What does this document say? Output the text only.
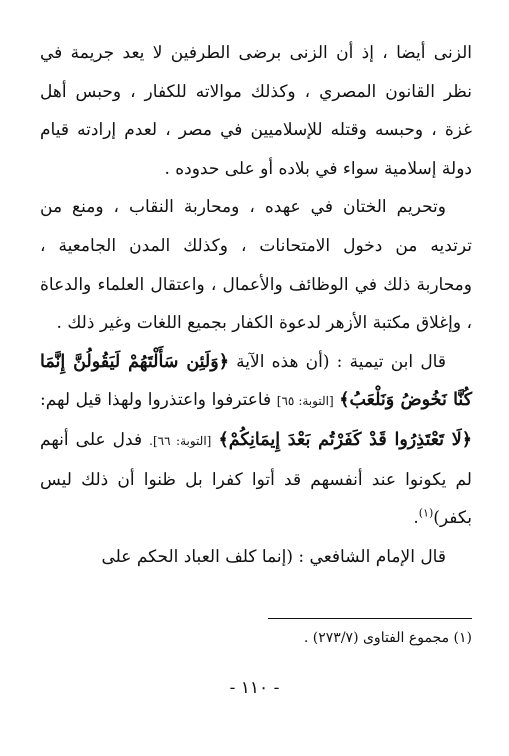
الزنى أيضا ، إذ أن الزنى برضى الطرفين لا يعد جريمة في نظر القانون المصري ، وكذلك موالاته للكفار ، وحبس أهل غزة ، وحبسه وقتله للإسلاميين في مصر ، لعدم إرادته قيام دولة إسلامية سواء في بلاده أو على حدوده .

وتحريم الختان في عهده ، ومحاربة النقاب ، ومنع من ترتديه من دخول الامتحانات ، وكذلك المدن الجامعية ، ومحاربة ذلك في الوظائف والأعمال ، واعتقال العلماء والدعاة ، وإغلاق مكتبة الأزهر لدعوة الكفار بجميع اللغات وغير ذلك .

قال ابن تيمية : (أن هذه الآية ﴿وَلَئِن سَأَلْتَهُمْ لَيَقُولُنَّ إِنَّمَا كُنَّا نَخُوضُ وَنَلْعَبُ﴾ [التوبة: ٦٥] فاعترفوا واعتذروا ولهذا قيل لهم: ﴿لَا تَعْتَذِرُوا قَدْ كَفَرْتُم بَعْدَ إِيمَانِكُمْ﴾ [التوبة: ٦٦]. فدل على أنهم لم يكونوا عند أنفسهم قد أتوا كفرا بل ظنوا أن ذلك ليس بكفر)$^{(١)}$.

قال الإمام الشافعي : (إنما كلف العباد الحكم على

(١) مجموع الفتاوى (٢٧٣/٧) .
- ١١٠ -
